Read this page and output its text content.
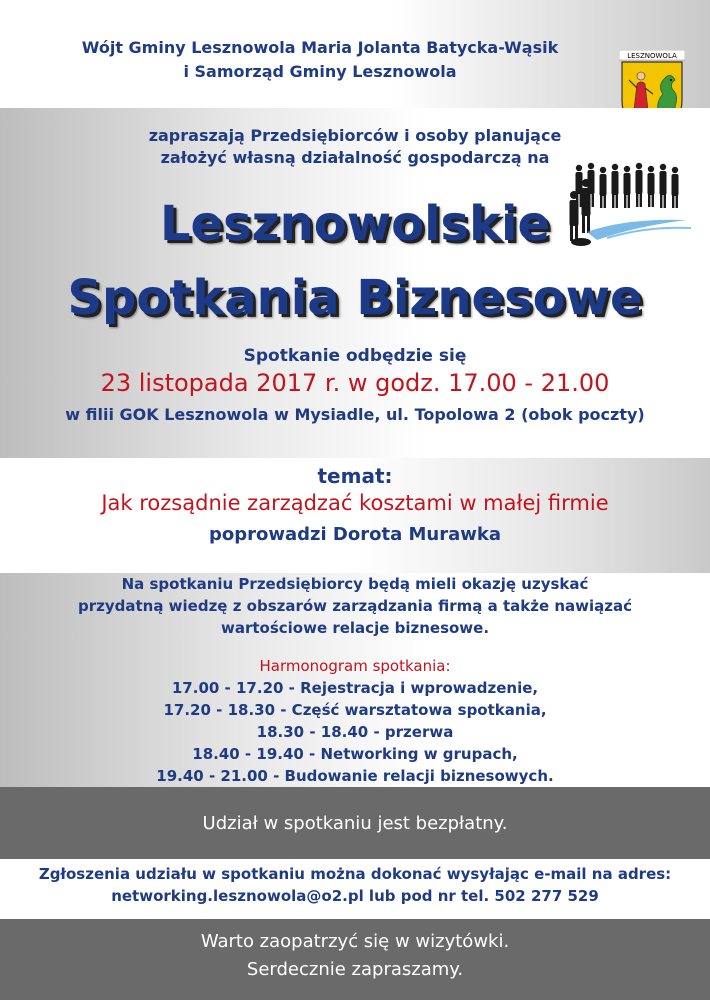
Wójt Gminy Lesznowola Maria Jolanta Batycka-Wąsik
i Samorząd Gminy Lesznowola
LESZNOWOLA
zapraszają Przedsiębiorców i osoby planujące
założyć własną działalność gospodarczą na
Lesznowolskie
Spotkania Biznesowe
Spotkanie odbędzie się
23 listopada 2017 r. w godz. 17.00 - 21.00
w filii GOK Lesznowola w Mysiadle, ul. Topolowa 2 (obok poczty)
temat:
Jak rozsądnie zarządzać kosztami w małej firmie
poprowadzi Dorota Murawka
Na spotkaniu Przedsiębiorcy będą mieli okazję uzyskać
przydatną wiedzę z obszarów zarządzania firmą a także nawiązać
wartościowe relacje biznesowe.
Harmonogram spotkania:
17.00 - 17.20 - Rejestracja i wprowadzenie,
17.20 - 18.30 - Część warsztatowa spotkania,
18.30 - 18.40 - przerwa
18.40 - 19.40 - Networking w grupach,
19.40 - 21.00 - Budowanie relacji biznesowych.
Udział w spotkaniu jest bezpłatny.
Zgłoszenia udziału w spotkaniu można dokonać wysyłając e-mail na adres:
networking.lesznowola@o2.pl lub pod nr tel. 502 277 529
Warto zaopatrzyć się w wizytówki.
Serdecznie zapraszamy.
